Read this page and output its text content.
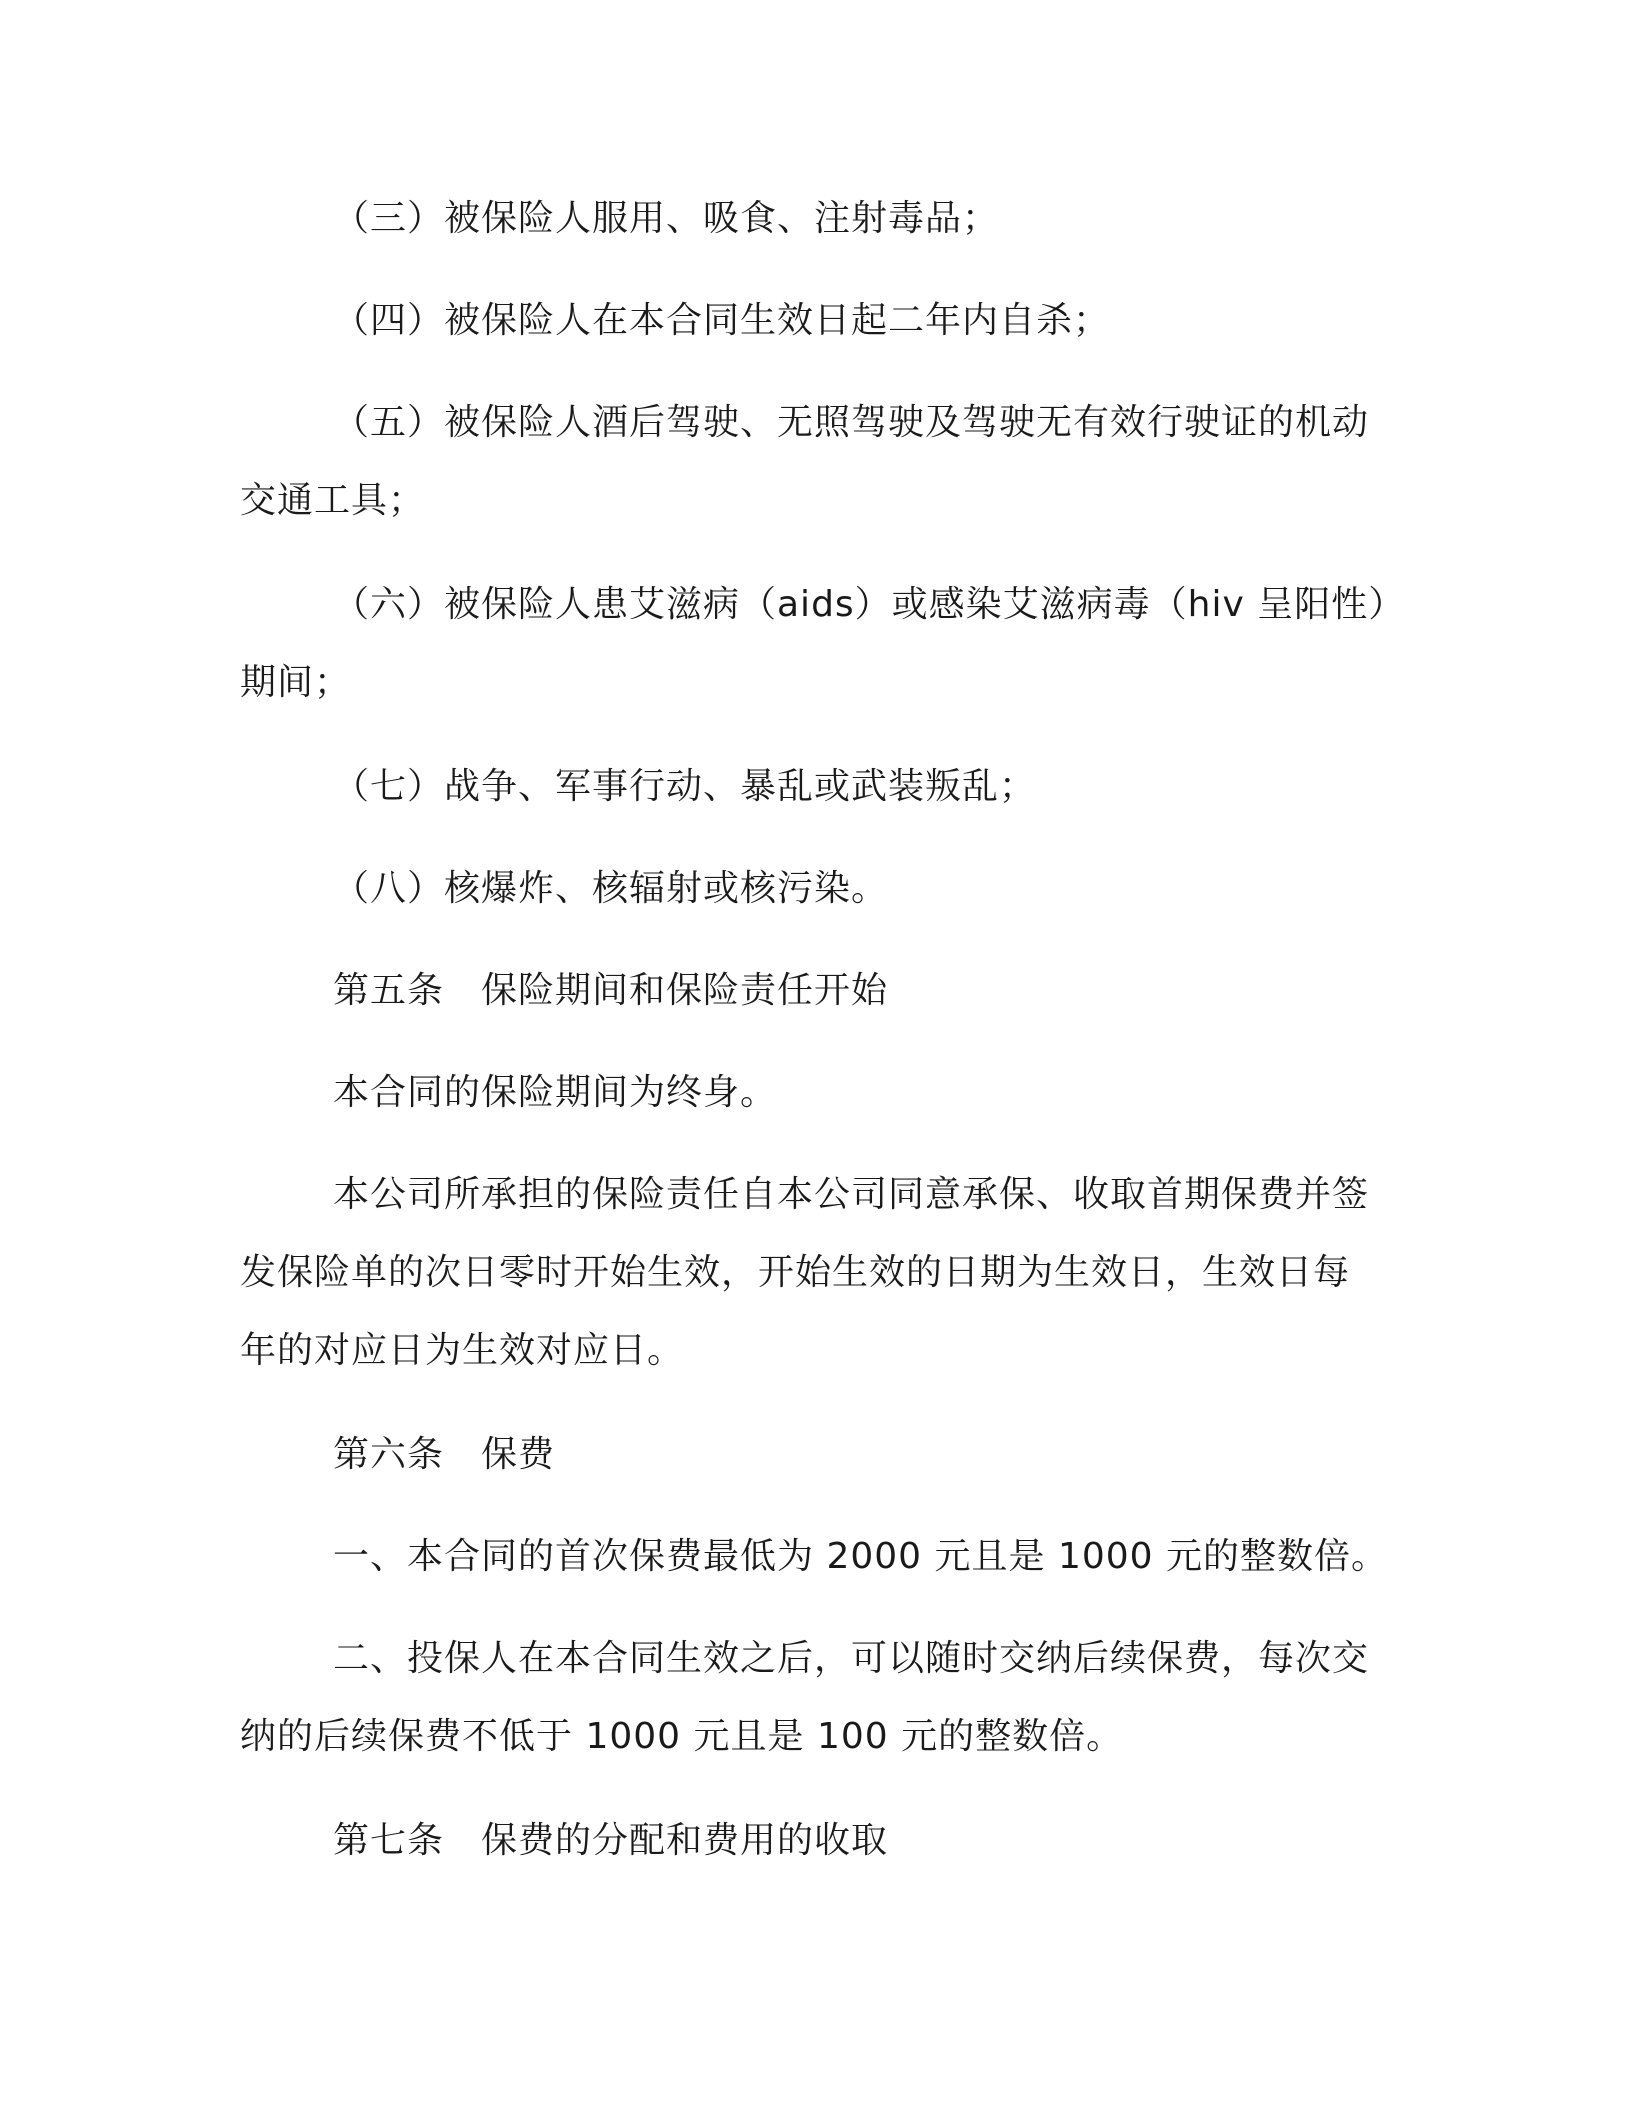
（三）被保险人服用、吸食、注射毒品；
（四）被保险人在本合同生效日起二年内自杀；
（五）被保险人酒后驾驶、无照驾驶及驾驶无有效行驶证的机动
交通工具；
（六）被保险人患艾滋病（aids）或感染艾滋病毒（hiv 呈阳性）
期间；
（七）战争、军事行动、暴乱或武装叛乱；
（八）核爆炸、核辐射或核污染。
第五条　保险期间和保险责任开始
本合同的保险期间为终身。
本公司所承担的保险责任自本公司同意承保、收取首期保费并签
发保险单的次日零时开始生效，开始生效的日期为生效日，生效日每
年的对应日为生效对应日。
第六条　保费
一、本合同的首次保费最低为 2000 元且是 1000 元的整数倍。
二、投保人在本合同生效之后，可以随时交纳后续保费，每次交
纳的后续保费不低于 1000 元且是 100 元的整数倍。
第七条　保费的分配和费用的收取
